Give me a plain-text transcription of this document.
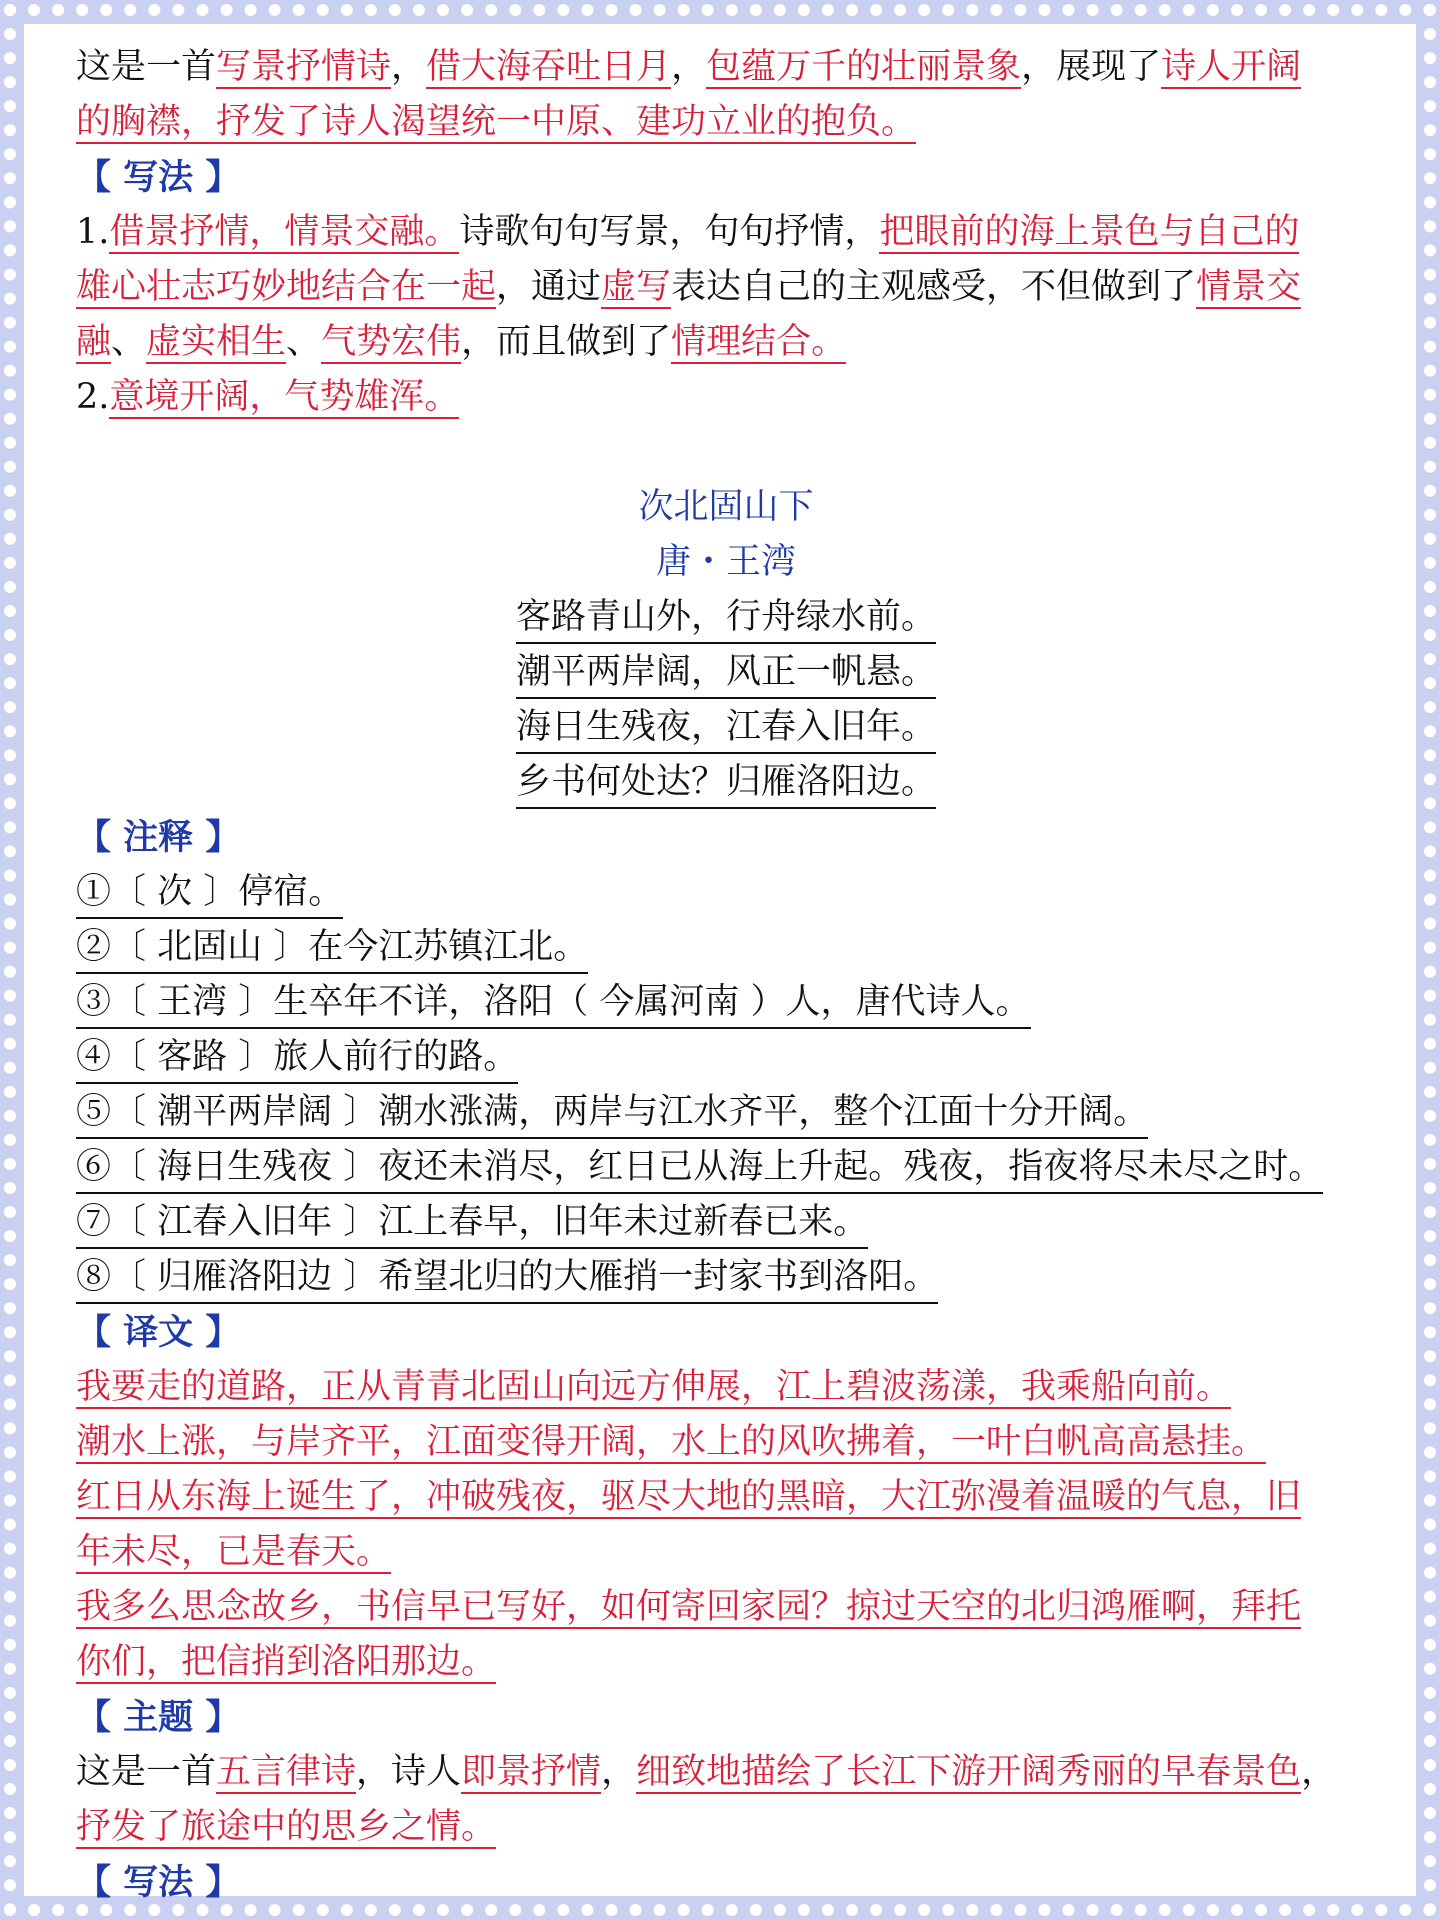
这是一首写景抒情诗，借大海吞吐日月，包蕴万千的壮丽景象，展现了诗人开阔
的胸襟，抒发了诗人渴望统一中原、建功立业的抱负。
【 写法 】
1.借景抒情，情景交融。诗歌句句写景，句句抒情，把眼前的海上景色与自己的
雄心壮志巧妙地结合在一起，通过虚写表达自己的主观感受，不但做到了情景交
融、虚实相生、气势宏伟，而且做到了情理结合。
2.意境开阔，气势雄浑。
次北固山下
唐・王湾
客路青山外，行舟绿水前。
潮平两岸阔，风正一帆悬。
海日生残夜，江春入旧年。
乡书何处达？归雁洛阳边。
【 注释 】
①〔 次 〕停宿。
②〔 北固山 〕在今江苏镇江北。
③〔 王湾 〕生卒年不详，洛阳（ 今属河南 ）人，唐代诗人。
④〔 客路 〕旅人前行的路。
⑤〔 潮平两岸阔 〕潮水涨满，两岸与江水齐平，整个江面十分开阔。
⑥〔 海日生残夜 〕夜还未消尽，红日已从海上升起。残夜，指夜将尽未尽之时。
⑦〔 江春入旧年 〕江上春早，旧年未过新春已来。
⑧〔 归雁洛阳边 〕希望北归的大雁捎一封家书到洛阳。
【 译文 】
我要走的道路，正从青青北固山向远方伸展，江上碧波荡漾，我乘船向前。
潮水上涨，与岸齐平，江面变得开阔，水上的风吹拂着，一叶白帆高高悬挂。
红日从东海上诞生了，冲破残夜，驱尽大地的黑暗，大江弥漫着温暖的气息，旧
年未尽，已是春天。
我多么思念故乡，书信早已写好，如何寄回家园？掠过天空的北归鸿雁啊，拜托
你们，把信捎到洛阳那边。
【 主题 】
这是一首五言律诗，诗人即景抒情，细致地描绘了长江下游开阔秀丽的早春景色，
抒发了旅途中的思乡之情。
【 写法 】
